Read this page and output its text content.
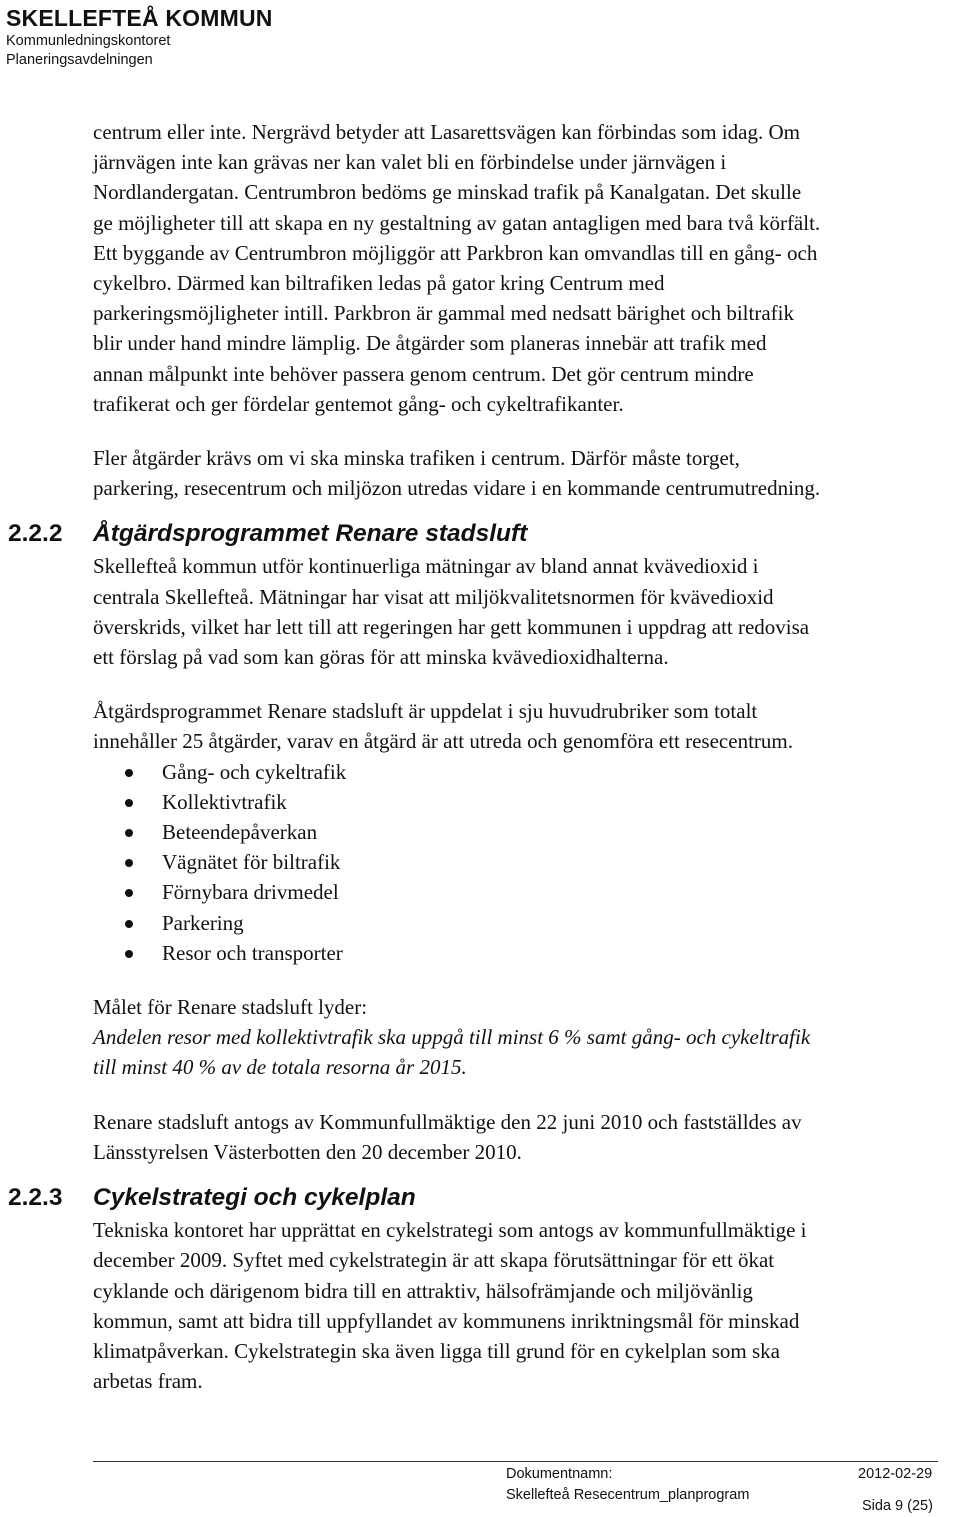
SKELLEFTEÅ KOMMUN
Kommunledningskontoret
Planeringsavdelningen
centrum eller inte. Nergrävd betyder att Lasarettsvägen kan förbindas som idag. Om
järnvägen inte kan grävas ner kan valet bli en förbindelse under järnvägen i
Nordlandergatan. Centrumbron bedöms ge minskad trafik på Kanalgatan. Det skulle
ge möjligheter till att skapa en ny gestaltning av gatan antagligen med bara två körfält.
Ett byggande av Centrumbron möjliggör att Parkbron kan omvandlas till en gång- och
cykelbro. Därmed kan biltrafiken ledas på gator kring Centrum med
parkeringsmöjligheter intill. Parkbron är gammal med nedsatt bärighet och biltrafik
blir under hand mindre lämplig. De åtgärder som planeras innebär att trafik med
annan målpunkt inte behöver passera genom centrum. Det gör centrum mindre
trafikerat och ger fördelar gentemot gång- och cykeltrafikanter.
Fler åtgärder krävs om vi ska minska trafiken i centrum. Därför måste torget,
parkering, resecentrum och miljözon utredas vidare i en kommande centrumutredning.
2.2.2 Åtgärdsprogrammet Renare stadsluft
Skellefteå kommun utför kontinuerliga mätningar av bland annat kvävedioxid i
centrala Skellefteå. Mätningar har visat att miljökvalitetsnormen för kvävedioxid
överskrids, vilket har lett till att regeringen har gett kommunen i uppdrag att redovisa
ett förslag på vad som kan göras för att minska kvävedioxidhalterna.
Åtgärdsprogrammet Renare stadsluft är uppdelat i sju huvudrubriker som totalt
innehåller 25 åtgärder, varav en åtgärd är att utreda och genomföra ett resecentrum.
Gång- och cykeltrafik
Kollektivtrafik
Beteendepåverkan
Vägnätet för biltrafik
Förnybara drivmedel
Parkering
Resor och transporter
Målet för Renare stadsluft lyder:
Andelen resor med kollektivtrafik ska uppgå till minst 6 % samt gång- och cykeltrafik
till minst 40 % av de totala resorna år 2015.
Renare stadsluft antogs av Kommunfullmäktige den 22 juni 2010 och fastställdes av
Länsstyrelsen Västerbotten den 20 december 2010.
2.2.3 Cykelstrategi och cykelplan
Tekniska kontoret har upprättat en cykelstrategi som antogs av kommunfullmäktige i
december 2009. Syftet med cykelstrategin är att skapa förutsättningar för ett ökat
cyklande och därigenom bidra till en attraktiv, hälsofrämjande och miljövänlig
kommun, samt att bidra till uppfyllandet av kommunens inriktningsmål för minskad
klimatpåverkan. Cykelstrategin ska även ligga till grund för en cykelplan som ska
arbetas fram.
Dokumentnamn:
Skellefteå Resecentrum_planprogram
2012-02-29
Sida 9 (25)
